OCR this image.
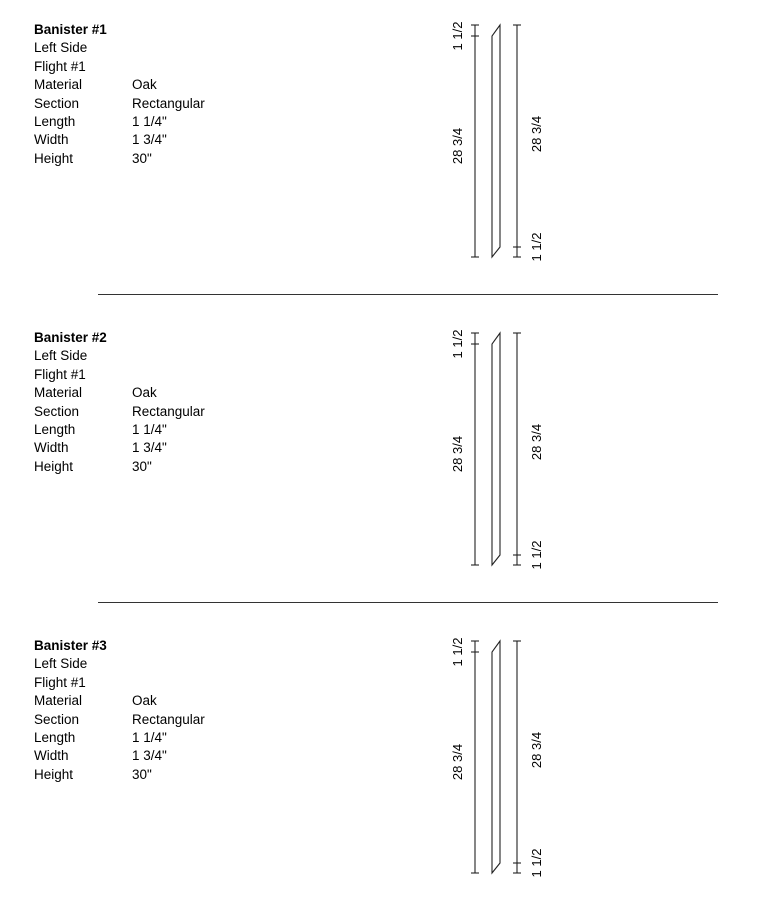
Banister #1
Left Side
Flight #1
Material	Oak
Section	Rectangular
Length	1 1/4"
Width	1 3/4"
Height	30"
1 1/2
28 3/4	28 3/4
1 1/2
Banister #2
Left Side
Flight #1
Material	Oak
Section	Rectangular
Length	1 1/4"
Width	1 3/4"
Height	30"
1 1/2
28 3/4	28 3/4
1 1/2
Banister #3
Left Side
Flight #1
Material	Oak
Section	Rectangular
Length	1 1/4"
Width	1 3/4"
Height	30"
1 1/2
28 3/4	28 3/4
1 1/2
